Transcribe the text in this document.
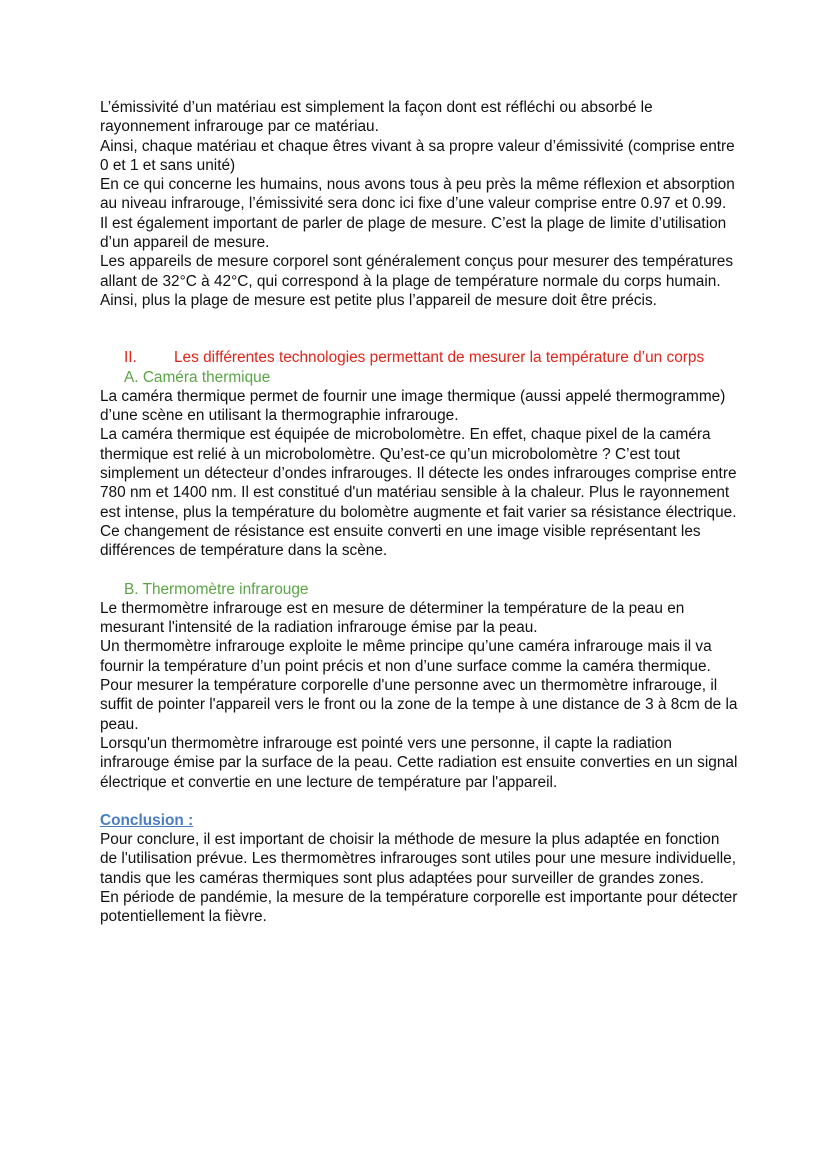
L’émissivité d’un matériau est simplement la façon dont est réfléchi ou absorbé le rayonnement infrarouge par ce matériau.

Ainsi, chaque matériau et chaque êtres vivant à sa propre valeur d’émissivité (comprise entre 0 et 1 et sans unité)

En ce qui concerne les humains, nous avons tous à peu près la même réflexion et absorption au niveau infrarouge, l’émissivité sera donc ici fixe d’une valeur comprise entre 0.97 et 0.99.

Il est également important de parler de plage de mesure. C’est la plage de limite d’utilisation d’un appareil de mesure.

Les appareils de mesure corporel sont généralement conçus pour mesurer des températures allant de 32°C à 42°C, qui correspond à la plage de température normale du corps humain. Ainsi, plus la plage de mesure est petite plus l’appareil de mesure doit être précis.

II.	Les différentes technologies permettant de mesurer la température d’un corps

A. Caméra thermique

La caméra thermique permet de fournir une image thermique (aussi appelé thermogramme) d’une scène en utilisant la thermographie infrarouge.

La caméra thermique est équipée de microbolomètre. En effet, chaque pixel de la caméra thermique est relié à un microbolomètre. Qu’est-ce qu’un microbolomètre ? C’est tout simplement un détecteur d’ondes infrarouges. Il détecte les ondes infrarouges comprise entre 780 nm et 1400 nm. Il est constitué d'un matériau sensible à la chaleur. Plus le rayonnement est intense, plus la température du bolomètre augmente et fait varier sa résistance électrique. Ce changement de résistance est ensuite converti en une image visible représentant les différences de température dans la scène.

B. Thermomètre infrarouge

Le thermomètre infrarouge est en mesure de déterminer la température de la peau en mesurant l'intensité de la radiation infrarouge émise par la peau.

Un thermomètre infrarouge exploite le même principe qu’une caméra infrarouge mais il va fournir la température d’un point précis et non d’une surface comme la caméra thermique.

Pour mesurer la température corporelle d'une personne avec un thermomètre infrarouge, il suffit de pointer l'appareil vers le front ou la zone de la tempe à une distance de 3 à 8cm de la peau.

Lorsqu'un thermomètre infrarouge est pointé vers une personne, il capte la radiation infrarouge émise par la surface de la peau. Cette radiation est ensuite converties en un signal électrique et convertie en une lecture de température par l'appareil.

Conclusion :

Pour conclure, il est important de choisir la méthode de mesure la plus adaptée en fonction de l'utilisation prévue. Les thermomètres infrarouges sont utiles pour une mesure individuelle, tandis que les caméras thermiques sont plus adaptées pour surveiller de grandes zones.

En période de pandémie, la mesure de la température corporelle est importante pour détecter potentiellement la fièvre.
